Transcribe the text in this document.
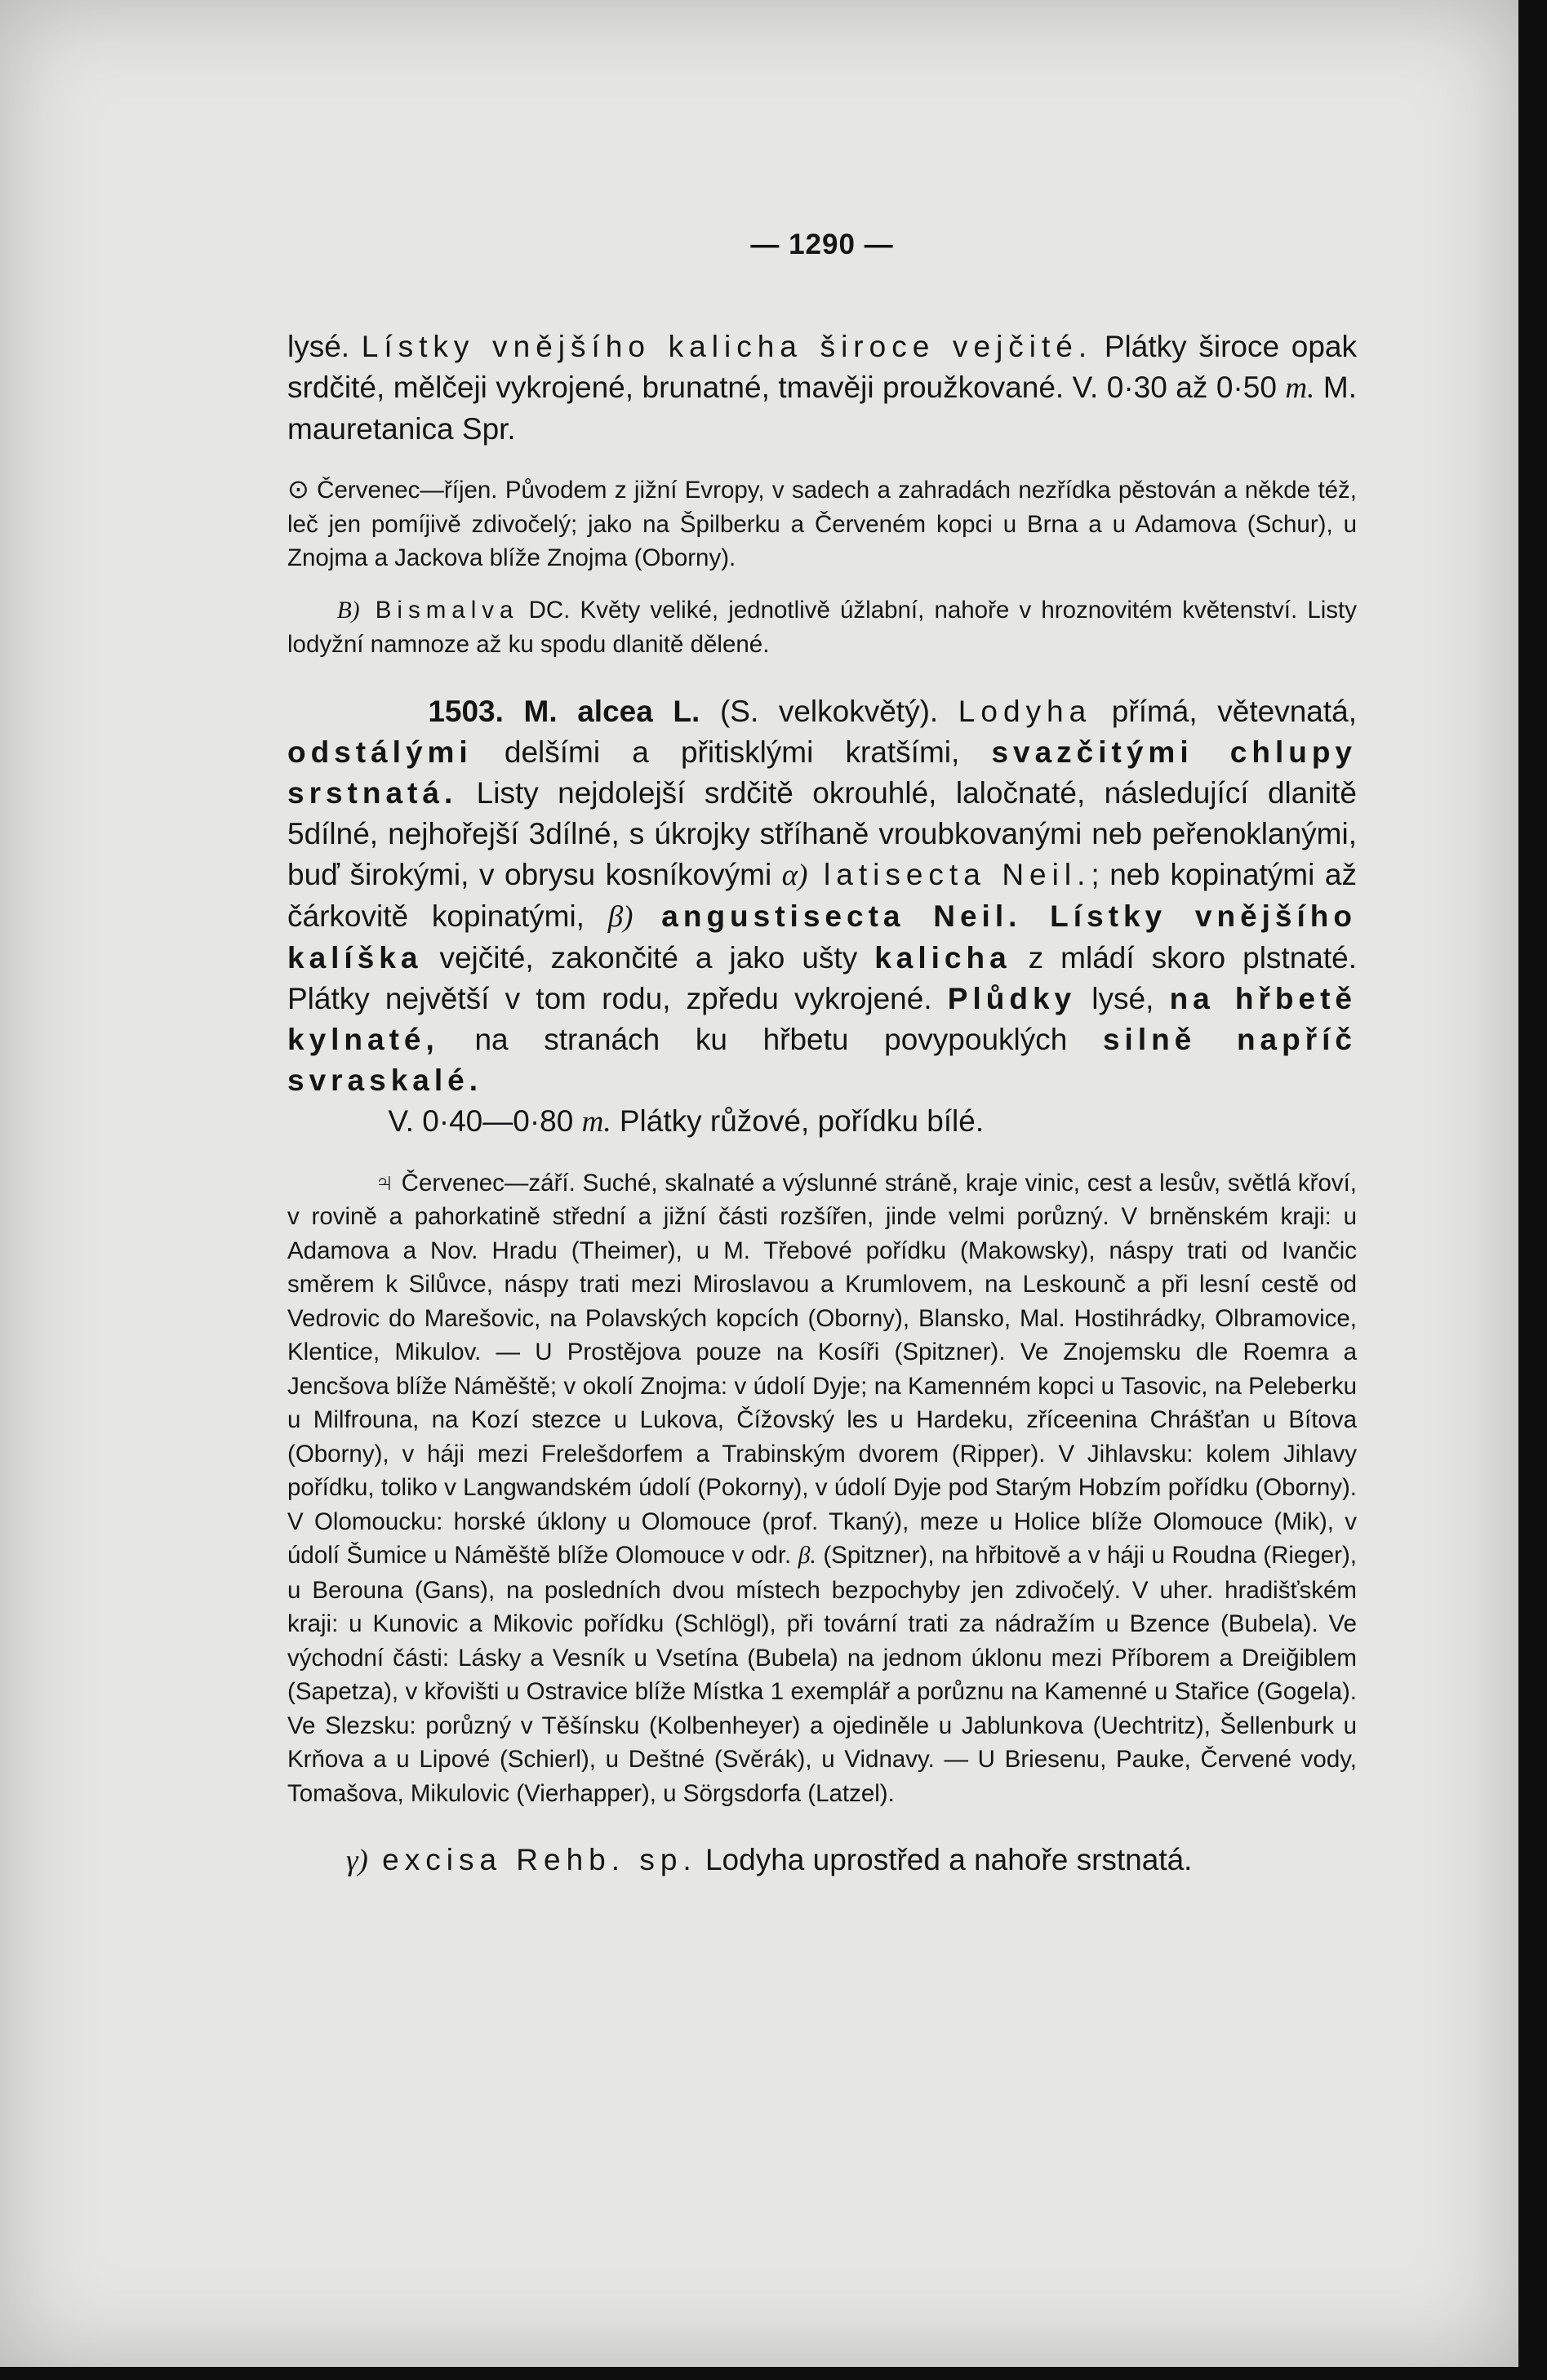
— 1290 —

lysé. Lístky vnějšího kalicha široce vejčité. Plátky široce opak srdčité, mělčeji vykrojené, brunatné, tmavěji proužkované. V. 0·30 až 0·50 m. M. mauretanica Spr.

⊙ Červenec—říjen. Původem z jižní Evropy, v sadech a zahradách nezřídka pěstován a někde též, leč jen pomíjivě zdivočelý; jako na Špilberku a Červeném kopci u Brna a u Adamova (Schur), u Znojma a Jackova blíže Znojma (Oborny).

B) Bismalva DC. Květy veliké, jednotlivě úžlabní, nahoře v hroznovitém květenství. Listy lodyžní namnoze až ku spodu dlanitě dělené.

1503. M. alcea L. (S. velkokvětý). Lodyha přímá, větevnatá, odstálými delšími a přitisklými kratšími, svazčitými chlupy srstnatá. Listy nejdolejší srdčitě okrouhlé, laločnaté, následující dlanitě 5dílné, nejhořejší 3dílné, s úkrojky stříhaně vroubkovanými neb peřenoklanými, buď širokými, v obrysu kosníkovými α) latisecta Neil.; neb kopinatými až čárkovitě kopinatými, β) angustisecta Neil. Lístky vnějšího kalíška vejčité, zakončité a jako ušty kalicha z mládí skoro plstnaté. Plátky největší v tom rodu, zpředu vykrojené. Plůdky lysé, na hřbetě kylnaté, na stranách ku hřbetu povypouklých silně napříč svraskalé.
V. 0·40—0·80 m. Plátky růžové, pořídku bílé.

♃ Červenec—září. Suché, skalnaté a výslunné stráně, kraje vinic, cest a lesův, světlá křoví, v rovině a pahorkatině střední a jižní části rozšířen, jinde velmi porůzný. V brněnském kraji: u Adamova a Nov. Hradu (Theimer), u M. Třebové pořídku (Makowsky), náspy trati od Ivančic směrem k Silůvce, náspy trati mezi Miroslavou a Krumlovem, na Leskounč a při lesní cestě od Vedrovic do Marešovic, na Polavských kopcích (Oborny), Blansko, Mal. Hostihrádky, Olbramovice, Klentice, Mikulov. — U Prostějova pouze na Kosíři (Spitzner). Ve Znojemsku dle Roemra a Jencšova blíže Náměště; v okolí Znojma: v údolí Dyje; na Kamenném kopci u Tasovic, na Peleberku u Milfrouna, na Kozí stezce u Lukova, Čížovský les u Hardeku, zříceenina Chrášťan u Bítova (Oborny), v háji mezi Frelešdorfem a Trabinským dvorem (Ripper). V Jihlavsku: kolem Jihlavy pořídku, toliko v Langwandském údolí (Pokorny), v údolí Dyje pod Starým Hobzím pořídku (Oborny). V Olomoucku: horské úklony u Olomouce (prof. Tkaný), meze u Holice blíže Olomouce (Mik), v údolí Šumice u Náměště blíže Olomouce v odr. β. (Spitzner), na hřbitově a v háji u Roudna (Rieger), u Berouna (Gans), na posledních dvou místech bezpochyby jen zdivočelý. V uher. hradišťském kraji: u Kunovic a Mikovic pořídku (Schlögl), při tovární trati za nádražím u Bzence (Bubela). Ve východní části: Lásky a Vesník u Vsetína (Bubela) na jednom úklonu mezi Příborem a Dreiğiblem (Sapetza), v křovišti u Ostravice blíže Místka 1 exemplář a porůznu na Kamenné u Stařice (Gogela). Ve Slezsku: porůzný v Těšínsku (Kolbenheyer) a ojediněle u Jablunkova (Uechtritz), Šellenburk u Krňova a u Lipové (Schierl), u Deštné (Svěrák), u Vidnavy. — U Briesenu, Pauke, Červené vody, Tomašova, Mikulovic (Vierhapper), u Sörgsdorfa (Latzel).

γ) excisa Rehb. sp. Lodyha uprostřed a nahoře srstnatá.
